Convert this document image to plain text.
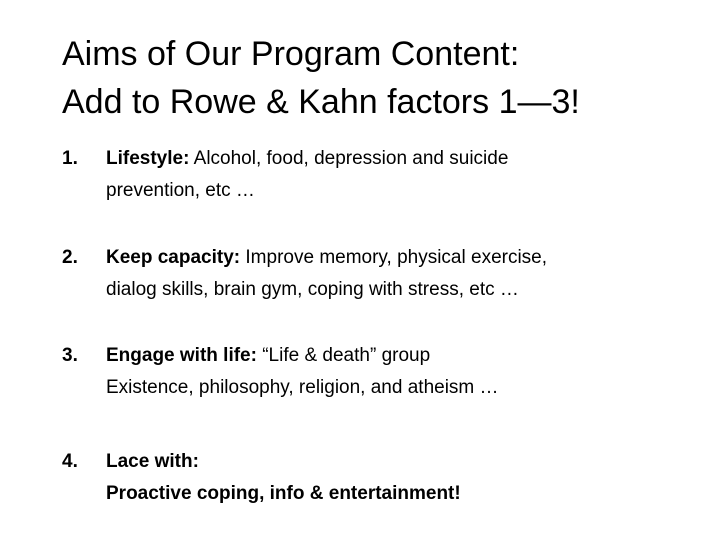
Aims of Our Program Content:
Add to Rowe & Kahn factors 1—3!
1. Lifestyle: Alcohol, food, depression and suicide
prevention, etc …
2. Keep capacity: Improve memory, physical exercise,
dialog skills, brain gym, coping with stress, etc …
3. Engage with life: “Life & death” group
Existence, philosophy, religion, and atheism …
4. Lace with:
Proactive coping, info & entertainment!
